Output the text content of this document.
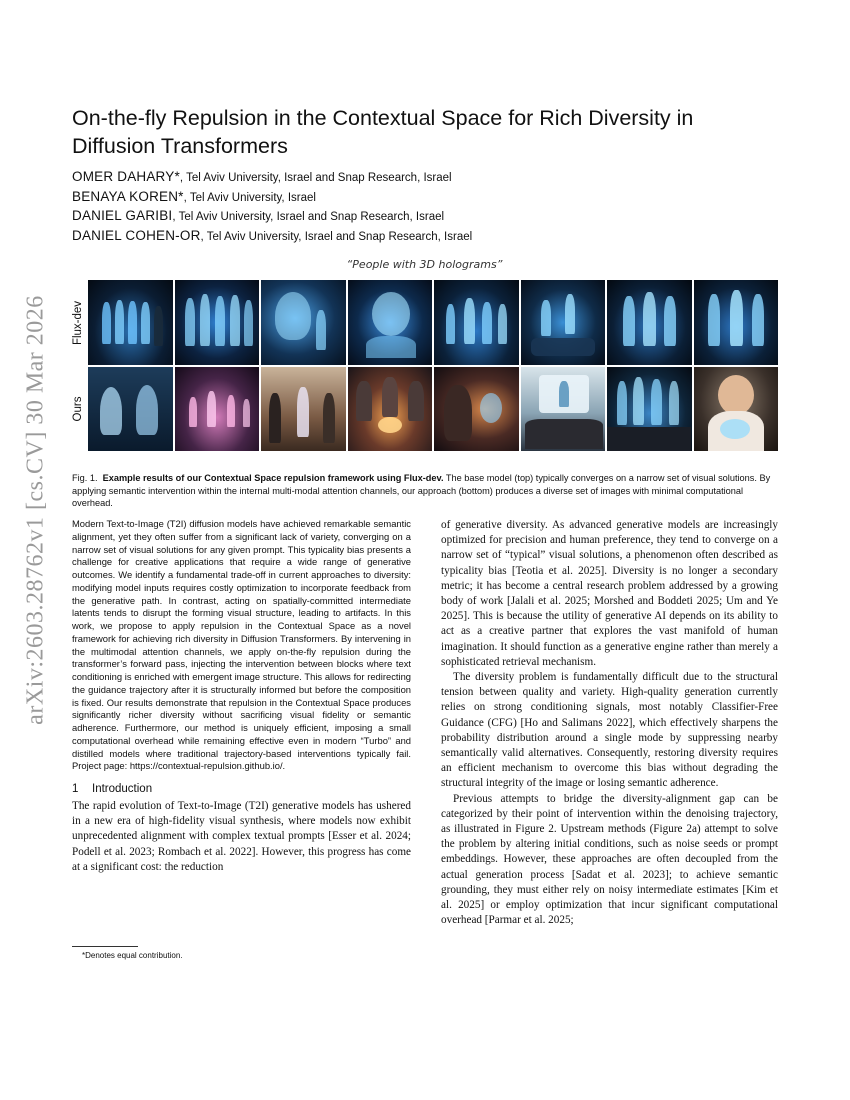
arXiv:2603.28762v1 [cs.CV] 30 Mar 2026
On-the-fly Repulsion in the Contextual Space for Rich Diversity in Diffusion Transformers
OMER DAHARY*, Tel Aviv University, Israel and Snap Research, Israel
BENAYA KOREN*, Tel Aviv University, Israel
DANIEL GARIBI, Tel Aviv University, Israel and Snap Research, Israel
DANIEL COHEN-OR, Tel Aviv University, Israel and Snap Research, Israel
“People with 3D holograms”
Flux-dev
Ours

Fig. 1. Example results of our Contextual Space repulsion framework using Flux-dev. The base model (top) typically converges on a narrow set of visual solutions. By applying semantic intervention within the internal multi-modal attention channels, our approach (bottom) produces a diverse set of images with minimal computational overhead.

Modern Text-to-Image (T2I) diffusion models have achieved remarkable semantic alignment, yet they often suffer from a significant lack of variety, converging on a narrow set of visual solutions for any given prompt. This typicality bias presents a challenge for creative applications that require a wide range of generative outcomes. We identify a fundamental trade-off in current approaches to diversity: modifying model inputs requires costly optimization to incorporate feedback from the generative path. In contrast, acting on spatially-committed intermediate latents tends to disrupt the forming visual structure, leading to artifacts. In this work, we propose to apply repulsion in the Contextual Space as a novel framework for achieving rich diversity in Diffusion Transformers. By intervening in the multimodal attention channels, we apply on-the-fly repulsion during the transformer’s forward pass, injecting the intervention between blocks where text conditioning is enriched with emergent image structure. This allows for redirecting the guidance trajectory after it is structurally informed but before the composition is fixed. Our results demonstrate that repulsion in the Contextual Space produces significantly richer diversity without sacrificing visual fidelity or semantic adherence. Furthermore, our method is uniquely efficient, imposing a small computational overhead while remaining effective even in modern “Turbo” and distilled models where traditional trajectory-based interventions typically fail. Project page: https://contextual-repulsion.github.io/.

1 Introduction

The rapid evolution of Text-to-Image (T2I) generative models has ushered in a new era of high-fidelity visual synthesis, where models now exhibit unprecedented alignment with complex textual prompts [Esser et al. 2024; Podell et al. 2023; Rombach et al. 2022]. However, this progress has come at a significant cost: the reduction

of generative diversity. As advanced generative models are increasingly optimized for precision and human preference, they tend to converge on a narrow set of “typical” visual solutions, a phenomenon often described as typicality bias [Teotia et al. 2025]. Diversity is no longer a secondary metric; it has become a central research problem addressed by a growing body of work [Jalali et al. 2025; Morshed and Boddeti 2025; Um and Ye 2025]. This is because the utility of generative AI depends on its ability to act as a creative partner that explores the vast manifold of human imagination. It should function as a generative engine rather than merely a sophisticated retrieval mechanism.

The diversity problem is fundamentally difficult due to the structural tension between quality and variety. High-quality generation currently relies on strong conditioning signals, most notably Classifier-Free Guidance (CFG) [Ho and Salimans 2022], which effectively sharpens the probability distribution around a single mode by suppressing nearby semantically valid alternatives. Consequently, restoring diversity requires an efficient mechanism to overcome this bias without degrading the structural integrity of the image or losing semantic adherence.

Previous attempts to bridge the diversity-alignment gap can be categorized by their point of intervention within the denoising trajectory, as illustrated in Figure 2. Upstream methods (Figure 2a) attempt to solve the problem by altering initial conditions, such as noise seeds or prompt embeddings. However, these approaches are often decoupled from the actual generation process [Sadat et al. 2023]; to achieve semantic grounding, they must either rely on noisy intermediate estimates [Kim et al. 2025] or employ optimization that incur significant computational overhead [Parmar et al. 2025;

*Denotes equal contribution.
